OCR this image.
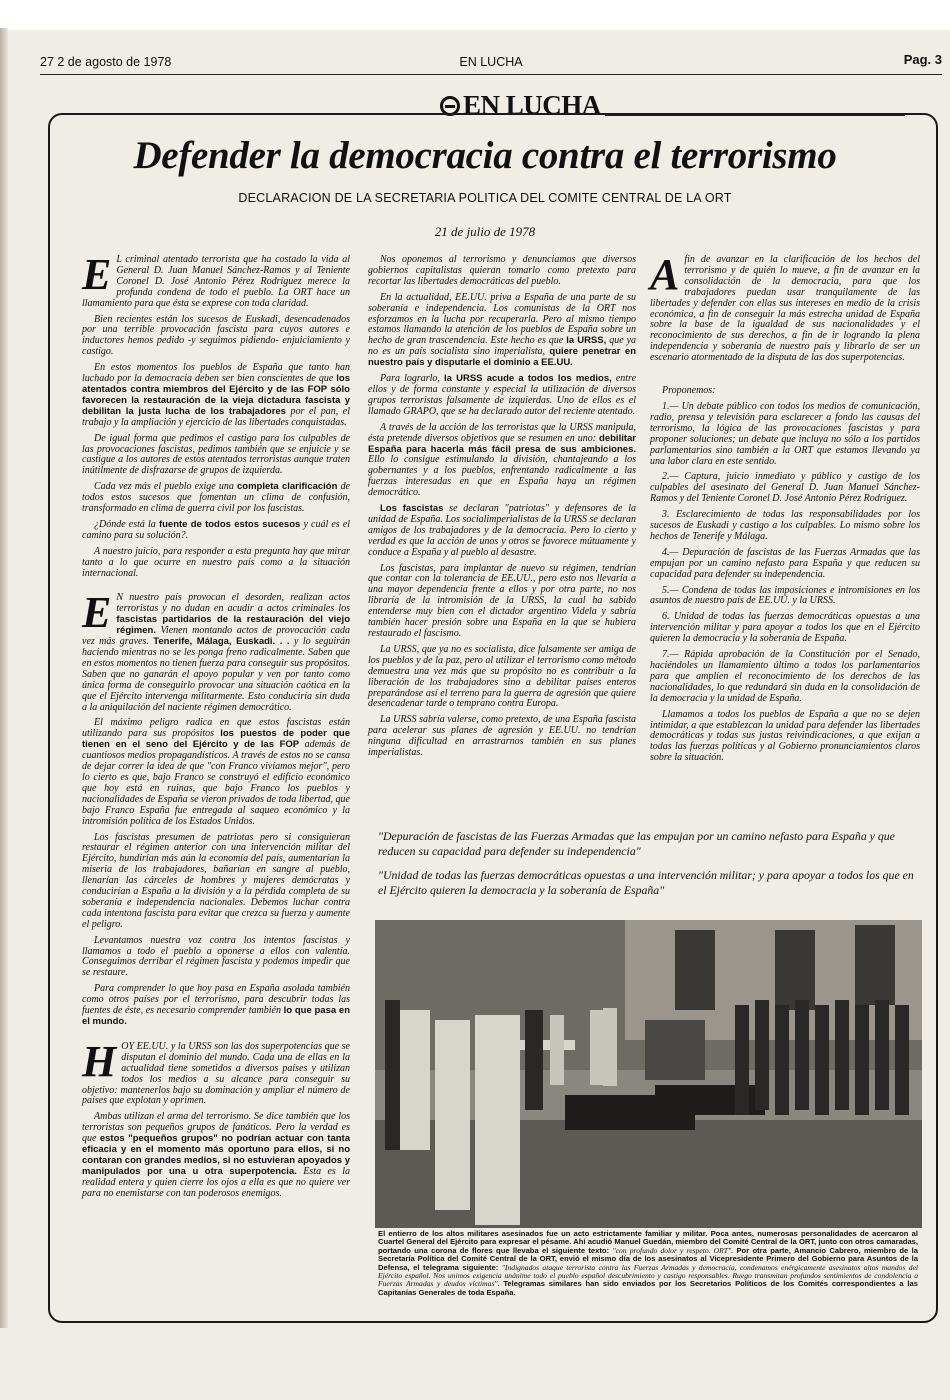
27 2 de agosto de 1978	EN LUCHA	Pag. 3
EN LUCHA
Defender la democracia contra el terrorismo
DECLARACION DE LA SECRETARIA POLITICA DEL COMITE CENTRAL DE LA ORT
21 de julio de 1978

E L criminal atentado terrorista que ha costado la vida al General D. Juan Manuel Sánchez-Ramos y al Teniente Coronel D. José Antonio Pérez Rodríguez merece la profunda condena de todo el pueblo. La ORT hace un llamamiento para que ésta se exprese con toda claridad.

Bien recientes están los sucesos de Euskadi, desencadenados por una terrible provocación fascista para cuyos autores e inductores hemos pedido -y seguimos pidiendo- enjuiciamiento y castigo.

En estos momentos los pueblos de España que tanto han luchado por la democracia deben ser bien conscientes de que los atentados contra miembros del Ejército y de las FOP sólo favorecen la restauración de la vieja dictadura fascista y debilitan la justa lucha de los trabajadores por el pan, el trabajo y la ampliación y ejercicio de las libertades conquistadas.

De igual forma que pedimos el castigo para los culpables de las provocaciones fascistas, pedimos también que se enjuicie y se castigue a los autores de estos atentados terroristas aunque traten inútilmente de disfrazarse de grupos de izquierda.

Cada vez más el pueblo exige una completa clarificación de todos estos sucesos que fomentan un clima de confusión, transformado en clima de guerra civil por los fascistas.

¿Dónde está la fuente de todos estos sucesos y cuál es el camino para su solución?.

A nuestro juicio, para responder a esta pregunta hay que mirar tanto a lo que ocurre en nuestro país como a la situación internacional.

E N nuestro país provocan el desorden, realizan actos terroristas y no dudan en acudir a actos criminales los fascistas partidarios de la restauración del viejo régimen. Vienen montando actos de provocación cada vez más graves. Tenerife, Málaga, Euskadi. . . y lo seguirán haciendo mientras no se les ponga freno radicalmente. Saben que en estos momentos no tienen fuerza para conseguir sus propósitos. Saben que no ganarán el apoyo popular y ven por tanto como única forma de conseguirlo provocar una situación caótica en la que el Ejército intervenga militarmente. Esto conduciría sin duda a la aniquilación del naciente régimen democrático.

El máximo peligro radica en que estos fascistas están utilizando para sus propósitos los puestos de poder que tienen en el seno del Ejército y de las FOP además de cuantiosos medios propagandísticos. A través de estos no se cansa de dejar correr la idea de que "con Franco vivíamos mejor", pero lo cierto es que, bajo Franco se construyó el edificio económico que hoy está en ruinas, que bajo Franco los pueblos y nacionalidades de España se vieron privados de toda libertad, que bajo Franco España fue entregada al saqueo económico y la intromisión política de los Estados Unidos.

Los fascistas presumen de patriotas pero si consiguieran restaurar el régimen anterior con una intervención militar del Ejército, hundirían más aún la economía del país, aumentarían la miseria de los trabajadores, bañarían en sangre al pueblo, llenarían las cárceles de hombres y mujeres demócratas y conducirían a España a la división y a la pérdida completa de su soberanía e independencia nacionales. Debemos luchar contra cada intentona fascista para evitar que crezca su fuerza y aumente el peligro.

Levantamos nuestra voz contra los intentos fascistas y llamamos a todo el pueblo a oponerse a ellos con valentía. Conseguimos derribar el régimen fascista y podemos impedir que se restaure.

Para comprender lo que hoy pasa en España asolada también como otros países por el terrorismo, para descubrir todas las fuentes de éste, es necesario comprender también lo que pasa en el mundo.

HOY EE.UU. y la URSS son las dos superpotencias que se disputan el dominio del mundo. Cada una de ellas en la actualidad tiene sometidos a diversos países y utilizan todos los medios a su alcance para conseguir su objetivo: mantenerlos bajo su dominación y ampliar el número de países que explotan y oprimen.

Ambas utilizan el arma del terrorismo. Se dice también que los terroristas son pequeños grupos de fanáticos. Pero la verdad es que estos "pequeños grupos" no podrían actuar con tanta eficacia y en el momento más oportuno para ellos, si no contaran con grandes medios, si no estuvieran apoyados y manipulados por una u otra superpotencia. Esta es la realidad entera y quien cierre los ojos a ella es que no quiere ver para no enemistarse con tan poderosos enemigos.

Nos oponemos al terrorismo y denunciamos que diversos gobiernos capitalistas quieran tomarlo como pretexto para recortar las libertades democráticas del pueblo.

En la actualidad, EE.UU. priva a España de una parte de su soberanía e independencia. Los comunistas de la ORT nos esforzamos en la lucha por recuperarla. Pero al mismo tiempo estamos llamando la atención de los pueblos de España sobre un hecho de gran trascendencia. Este hecho es que la URSS, que ya no es un país socialista sino imperialista, quiere penetrar en nuestro país y disputarle el dominio a EE.UU.

Para lograrlo, la URSS acude a todos los medios, entre ellos y de forma constante y especial la utilización de diversos grupos terroristas falsamente de izquierdas. Uno de ellos es el llamado GRAPO, que se ha declarado autor del reciente atentado.

A través de la acción de los terroristas que la URSS manipula, ésta pretende diversos objetivos que se resumen en uno: debilitar España para hacerla más fácil presa de sus ambiciones. Ello lo consigue estimulando la división, chantajeando a los gobernantes y a los pueblos, enfrentando radicalmente a las fuerzas interesadas en que en España haya un régimen democrático.

Los fascistas se declaran "patriotas" y defensores de la unidad de España. Los socialimperialistas de la URSS se declaran amigos de los trabajadores y de la democracia. Pero lo cierto y verdad es que la acción de unos y otros se favorece mútuamente y conduce a España y al pueblo al desastre.

Los fascistas, para implantar de nuevo su régimen, tendrían que contar con la tolerancia de EE.UU., pero esto nos llevaría a una mayor dependencia frente a ellos y por otra parte, no nos libraría de la intromisión de la URSS, la cual ha sabido entenderse muy bien con el dictador argentino Videla y sabría también hacer presión sobre una España en la que se hubiera restaurado el fascismo.

La URSS, que ya no es socialista, dice falsamente ser amiga de los pueblos y de la paz, pero al utilizar el terrorismo como método demuestra una vez más que su propósito no es contribuir a la liberación de los trabajadores sino a debilitar países enteros preparándose así el terreno para la guerra de agresión que quiere desencadenar tarde o temprano contra Europa.

La URSS sabría valerse, como pretexto, de una España fascista para acelerar sus planes de agresión y EE.UU. no tendrían ninguna dificultad en arrastrarnos también en sus planes imperialistas.

Afin de avanzar en la clarificación de los hechos del terrorismo y de quién lo mueve, a fin de avanzar en la consolidación de la democracia, para que los trabajadores puedan usar tranquilamente de las libertades y defender con ellas sus intereses en medio de la crisis económica, a fin de conseguir la más estrecha unidad de España sobre la base de la igualdad de sus nacionalidades y el reconocimiento de sus derechos, a fin de ir logrando la plena independencia y soberanía de nuestro país y librarlo de ser un escenario atormentado de la disputa de las dos superpotencias.

Proponemos:

1.— Un debate público con todos los medios de comunicación, radio, prensa y televisión para esclarecer a fondo las causas del terrorismo, la lógica de las provocaciones fascistas y para proponer soluciones; un debate que incluya no sólo a los partidos parlamentarios sino también a la ORT que estamos llevando ya una labor clara en este sentido.

2.— Captura, juicio inmediato y público y castigo de los culpables del asesinato del General D. Juan Manuel Sánchez-Ramos y del Teniente Coronel D. José Antonio Pérez Rodríguez.

3. Esclarecimiento de todas las responsabilidades por los sucesos de Euskadi y castigo a los culpables. Lo mismo sobre los hechos de Tenerife y Málaga.

4.— Depuración de fascistas de las Fuerzas Armadas que las empujan por un camino nefasto para España y que reducen su capacidad para defender su independencia.

5.— Condena de todas las imposiciones e intromisiones en los asuntos de nuestro país de EE.UU. y la URSS.

6. Unidad de todas las fuerzas democráticas opuestas a una intervención militar y para apoyar a todos los que en el Ejército quieren la democracia y la soberanía de España.

7.— Rápida aprobación de la Constitución por el Senado, haciéndoles un llamamiento último a todos los parlamentarios para que amplíen el reconocimiento de los derechos de las nacionalidades, lo que redundará sin duda en la consolidación de la democracia y la unidad de España.

Llamamos a todos los pueblos de España a que no se dejen intimidar, a que establezcan la unidad para defender las libertades democráticas y todas sus justas reivindicaciones, a que exijan a todas las fuerzas políticas y al Gobierno pronunciamientos claros sobre la situación.

"Depuración de fascistas de las Fuerzas Armadas que las empujan por un camino nefasto para España y que reducen su capacidad para defender su independencia"

"Unidad de todas las fuerzas democráticas opuestas a una intervención militar; y para apoyar a todos los que en el Ejército quieren la democracia y la soberanía de España"

El entierro de los altos militares asesinados fue un acto estrictamente familiar y militar. Poca antes, numerosas personalidades de acercaron al Cuartel General del Ejército para expresar el pésame. Ahí acudió Manuel Guedán, miembro del Comité Central de la ORT, junto con otros camaradas, portando una corona de flores que llevaba el siguiente texto: "con profundo dolor y respeto. ORT". Por otra parte, Amancio Cabrero, miembro de la Secretaría Política del Comité Central de la ORT, envió el mismo día de los asesinatos al Vicepresidente Primero del Gobierno para Asuntos de la Defensa, el telegrama siguiente: "Indignados ataque terrorista contra las Fuerzas Armadas y democracia, condenamos enérgicamente asesinatos altos mandos del Ejército español. Nos unimos exigencia unánime todo el pueblo español descubrimiento y castigo responsables. Ruego transmitan profundos sentimientos de condolencia a Fuerzas Armadas y deudos víctimas". Telegramas similares han sido enviados por los Secretarios Políticos de los Comités correspondientes a las Capitanías Generales de toda España.
